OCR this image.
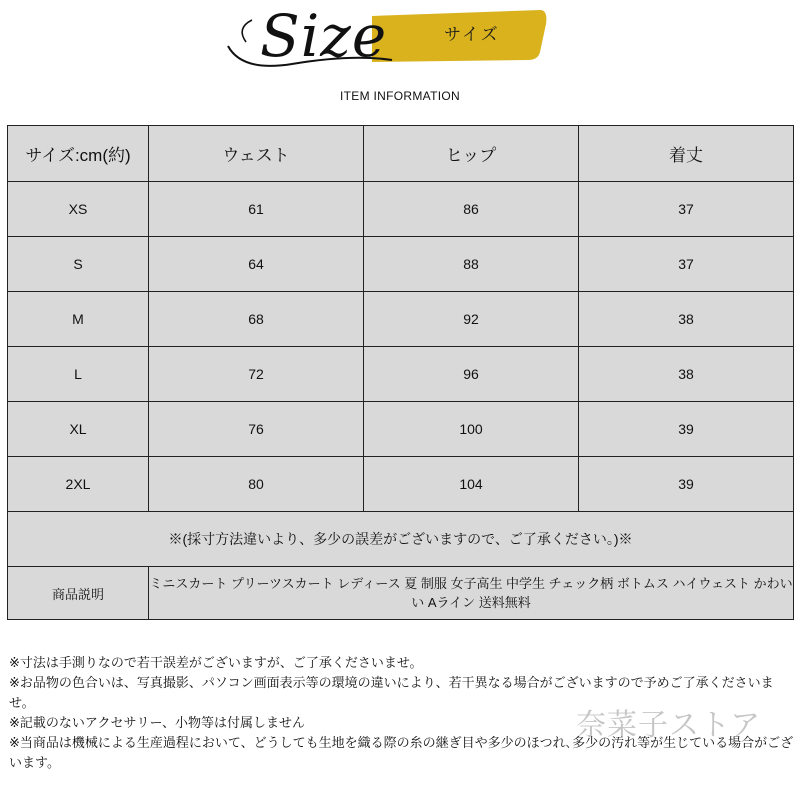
Size	サイズ
ITEM INFORMATION
サイズ:cm(約)	ウェスト	ヒップ	着丈
XS	61	86	37
S	64	88	37
M	68	92	38
L	72	96	38
XL	76	100	39
2XL	80	104	39
※(採寸方法違いより、多少の誤差がございますので、ご了承ください。)※			
商品説明	ミニスカート プリーツスカート レディース 夏 制服 女子高生 中学生 チェック柄 ボトムス ハイウェスト かわいい Aライン 送料無料		

※寸法は手測りなので若干誤差がございますが、ご了承くださいませ。

※お品物の色合いは、写真撮影、パソコン画面表示等の環境の違いにより、若干異なる場合がございますので予めご了承くださいませ。

※記載のないアクセサリー、小物等は付属しません

※当商品は機械による生産過程において、どうしても生地を織る際の糸の継ぎ目や多少のほつれ､多少の汚れ等が生じている場合がございます。

奈菜子ストア
